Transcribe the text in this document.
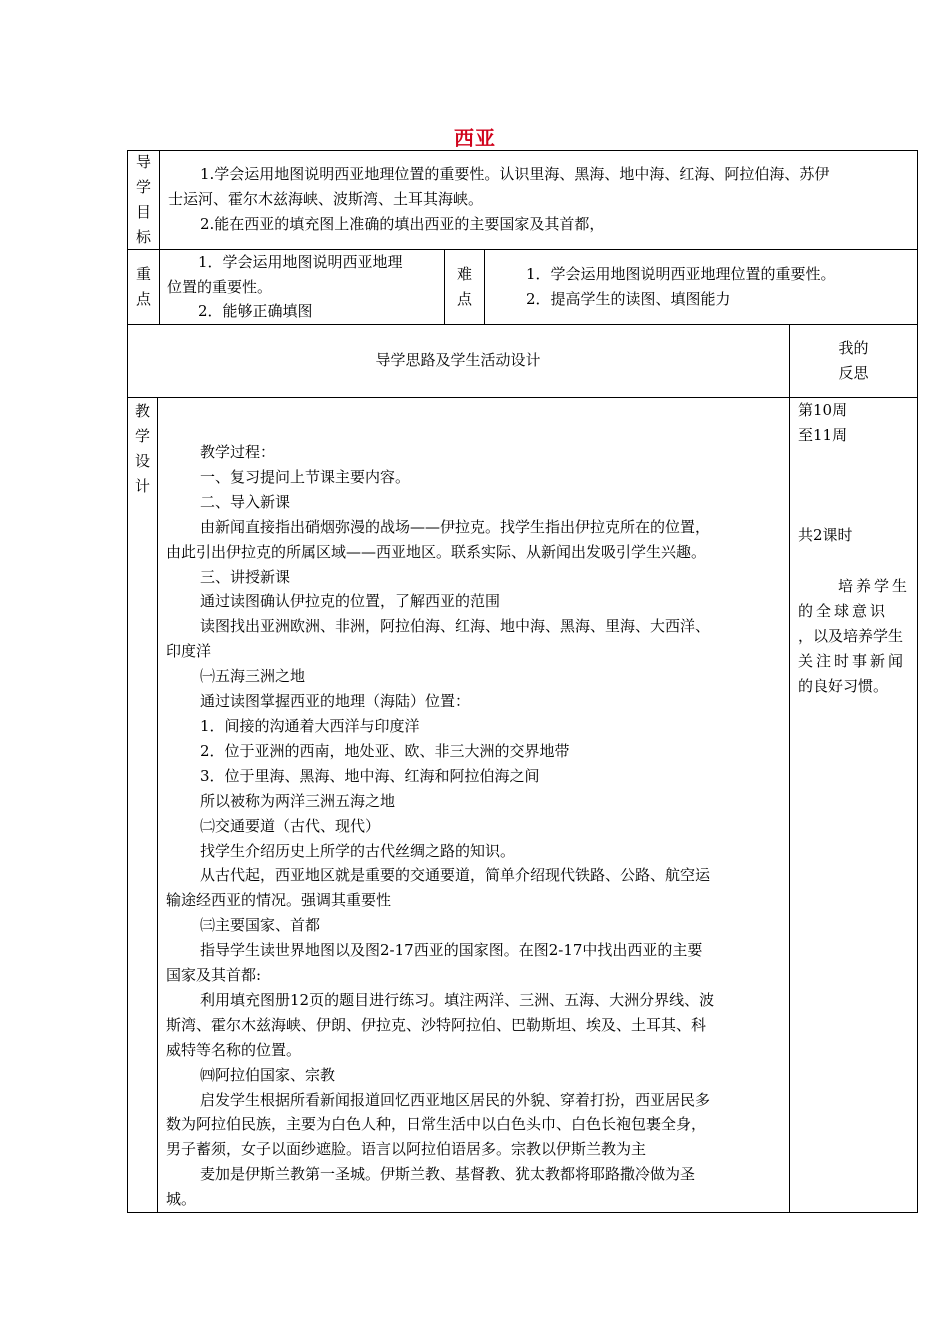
西亚
导
学
目
标
1.学会运用地图说明西亚地理位置的重要性。认识里海、黑海、地中海、红海、阿拉伯海、苏伊
士运河、霍尔木兹海峡、波斯湾、土耳其海峡。
2.能在西亚的填充图上准确的填出西亚的主要国家及其首都，
重
点
1．学会运用地图说明西亚地理
位置的重要性。
2．能够正确填图
难
点
1．学会运用地图说明西亚地理位置的重要性。
2．提高学生的读图、填图能力
导学思路及学生活动设计
我的
反思
教
学
设
计
教学过程：
一、复习提问上节课主要内容。
二、导入新课
由新闻直接指出硝烟弥漫的战场——伊拉克。找学生指出伊拉克所在的位置，
由此引出伊拉克的所属区域——西亚地区。联系实际、从新闻出发吸引学生兴趣。
三、讲授新课
通过读图确认伊拉克的位置，了解西亚的范围
读图找出亚洲欧洲、非洲，阿拉伯海、红海、地中海、黑海、里海、大西洋、
印度洋
㈠五海三洲之地
通过读图掌握西亚的地理（海陆）位置：
1．间接的沟通着大西洋与印度洋
2．位于亚洲的西南，地处亚、欧、非三大洲的交界地带
3．位于里海、黑海、地中海、红海和阿拉伯海之间
所以被称为两洋三洲五海之地
㈡交通要道（古代、现代）
找学生介绍历史上所学的古代丝绸之路的知识。
从古代起，西亚地区就是重要的交通要道，简单介绍现代铁路、公路、航空运
输途经西亚的情况。强调其重要性
㈢主要国家、首都
指导学生读世界地图以及图2-17西亚的国家图。在图2-17中找出西亚的主要
国家及其首都:
利用填充图册12页的题目进行练习。填注两洋、三洲、五海、大洲分界线、波
斯湾、霍尔木兹海峡、伊朗、伊拉克、沙特阿拉伯、巴勒斯坦、埃及、土耳其、科
威特等名称的位置。
㈣阿拉伯国家、宗教
启发学生根据所看新闻报道回忆西亚地区居民的外貌、穿着打扮，西亚居民多
数为阿拉伯民族，主要为白色人种，日常生活中以白色头巾、白色长袍包裹全身，
男子蓄须，女子以面纱遮脸。语言以阿拉伯语居多。宗教以伊斯兰教为主
麦加是伊斯兰教第一圣城。伊斯兰教、基督教、犹太教都将耶路撒冷做为圣
城。
第10周
至11周
共2课时
培养学生
的全球意识
，以及培养学生
关注时事新闻
的良好习惯。
